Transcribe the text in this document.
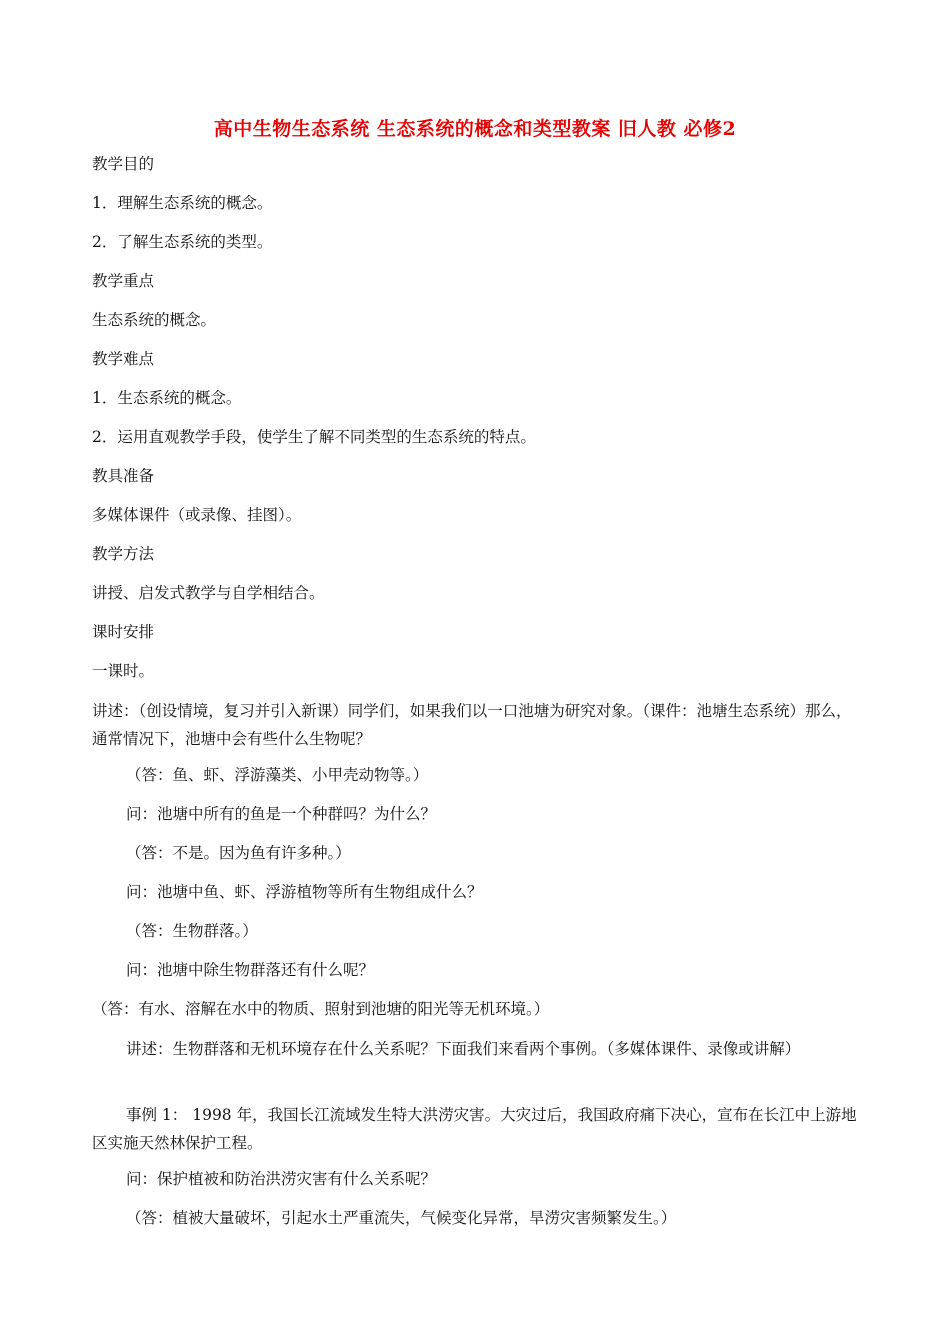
高中生物生态系统 生态系统的概念和类型教案 旧人教 必修2
教学目的
1．理解生态系统的概念。
2．了解生态系统的类型。
教学重点
生态系统的概念。
教学难点
1．生态系统的概念。
2．运用直观教学手段，使学生了解不同类型的生态系统的特点。
教具准备
多媒体课件（或录像、挂图）。
教学方法
讲授、启发式教学与自学相结合。
课时安排
一课时。
讲述：（创设情境，复习并引入新课）同学们，如果我们以一口池塘为研究对象。（课件：池塘生态系统）那么，通常情况下，池塘中会有些什么生物呢？
（答：鱼、虾、浮游藻类、小甲壳动物等。）
问：池塘中所有的鱼是一个种群吗？为什么？
（答：不是。因为鱼有许多种。）
问：池塘中鱼、虾、浮游植物等所有生物组成什么？
（答：生物群落。）
问：池塘中除生物群落还有什么呢？
（答：有水、溶解在水中的物质、照射到池塘的阳光等无机环境。）
讲述：生物群落和无机环境存在什么关系呢？下面我们来看两个事例。（多媒体课件、录像或讲解）
事例 1： 1998 年，我国长江流域发生特大洪涝灾害。大灾过后，我国政府痛下决心，宣布在长江中上游地区实施天然林保护工程。
问：保护植被和防治洪涝灾害有什么关系呢？
（答：植被大量破坏，引起水土严重流失，气候变化异常，旱涝灾害频繁发生。）
